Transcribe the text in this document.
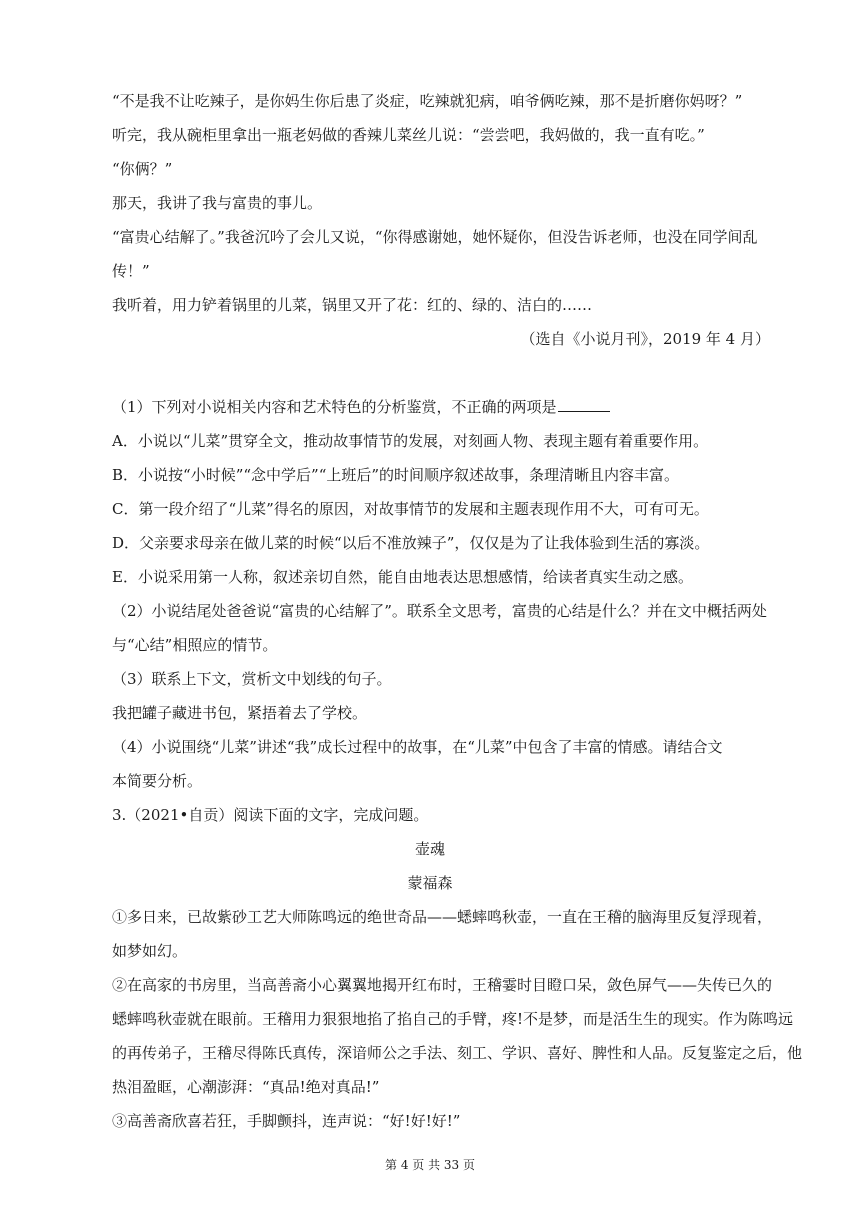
“不是我不让吃辣子，是你妈生你后患了炎症，吃辣就犯病，咱爷俩吃辣，那不是折磨你妈呀？”
听完，我从碗柜里拿出一瓶老妈做的香辣儿菜丝儿说：“尝尝吧，我妈做的，我一直有吃。”
“你俩？”
那天，我讲了我与富贵的事儿。
“富贵心结解了。”我爸沉吟了会儿又说，“你得感谢她，她怀疑你，但没告诉老师，也没在同学间乱
传！”
我听着，用力铲着锅里的儿菜，锅里又开了花：红的、绿的、洁白的……
（选自《小说月刊》，2019 年 4 月）
（1）下列对小说相关内容和艺术特色的分析鉴赏，不正确的两项是
A．小说以“儿菜”贯穿全文，推动故事情节的发展，对刻画人物、表现主题有着重要作用。
B．小说按“小时候”“念中学后”“上班后”的时间顺序叙述故事，条理清晰且内容丰富。
C．第一段介绍了“儿菜”得名的原因，对故事情节的发展和主题表现作用不大，可有可无。
D．父亲要求母亲在做儿菜的时候“以后不准放辣子”，仅仅是为了让我体验到生活的寡淡。
E．小说采用第一人称，叙述亲切自然，能自由地表达思想感情，给读者真实生动之感。
（2）小说结尾处爸爸说“富贵的心结解了”。联系全文思考，富贵的心结是什么？并在文中概括两处
与“心结”相照应的情节。
（3）联系上下文，赏析文中划线的句子。
我把罐子藏进书包，紧捂着去了学校。
（4）小说围绕“儿菜”讲述“我”成长过程中的故事，在“儿菜”中包含了丰富的情感。请结合文
本简要分析。
3.（2021•自贡）阅读下面的文字，完成问题。
壶魂
蒙福森
①多日来，已故紫砂工艺大师陈鸣远的绝世奇品——蟋蟀鸣秋壶，一直在王稽的脑海里反复浮现着，
如梦如幻。
②在高家的书房里，当高善斋小心翼翼地揭开红布时，王稽霎时目瞪口呆，敛色屏气——失传已久的
蟋蟀鸣秋壶就在眼前。王稽用力狠狠地掐了掐自己的手臂，疼!不是梦，而是活生生的现实。作为陈鸣远
的再传弟子，王稽尽得陈氏真传，深谙师公之手法、刻工、学识、喜好、脾性和人品。反复鉴定之后，他
热泪盈眶，心潮澎湃：“真品!绝对真品!”
③高善斋欣喜若狂，手脚颤抖，连声说：“好!好!好!”
第 4 页 共 33 页
